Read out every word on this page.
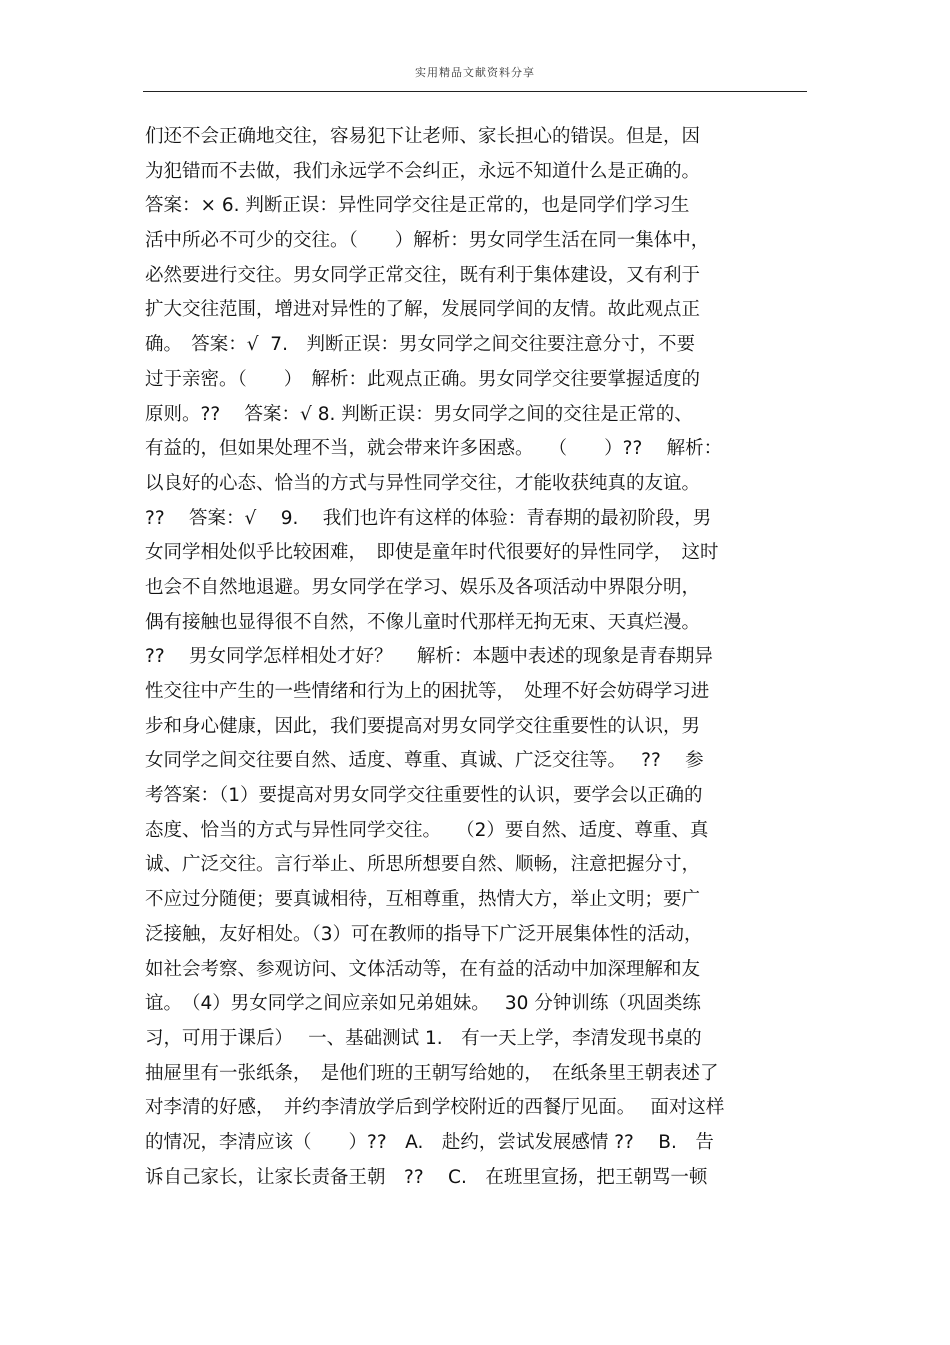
实用精品文献资料分享
们还不会正确地交往，容易犯下让老师、家长担心的错误。但是，因
为犯错而不去做，我们永远学不会纠正，永远不知道什么是正确的。
答案：× 6. 判断正误：异性同学交往是正常的，也是同学们学习生
活中所必不可少的交往。（　　）解析：男女同学生活在同一集体中，
必然要进行交往。男女同学正常交往，既有利于集体建设，又有利于
扩大交往范围，增进对异性的了解，发展同学间的友情。故此观点正
确。　答案：√  7.　判断正误：男女同学之间交往要注意分寸，不要
过于亲密。（　　）　解析：此观点正确。男女同学交往要掌握适度的
原则。??　 答案：√ 8. 判断正误：男女同学之间的交往是正常的、
有益的，但如果处理不当，就会带来许多困惑。　 （　　）??　 解析：
以良好的心态、恰当的方式与异性同学交往，才能收获纯真的友谊。
??　 答案：√　 9.　 我们也许有这样的体验：青春期的最初阶段，男
女同学相处似乎比较困难，　即使是童年时代很要好的异性同学，　这时
也会不自然地退避。男女同学在学习、娱乐及各项活动中界限分明，
偶有接触也显得很不自然，不像儿童时代那样无拘无束、天真烂漫。
??　 男女同学怎样相处才好？　 解析：本题中表述的现象是青春期异
性交往中产生的一些情绪和行为上的困扰等，　处理不好会妨碍学习进
步和身心健康，因此，我们要提高对男女同学交往重要性的认识，男
女同学之间交往要自然、适度、尊重、真诚、广泛交往等。　 ??　 参
考答案：（1）要提高对男女同学交往重要性的认识，要学会以正确的
态度、恰当的方式与异性同学交往。　 （2）要自然、适度、尊重、真
诚、广泛交往。言行举止、所思所想要自然、顺畅，注意把握分寸，
不应过分随便；要真诚相待，互相尊重，热情大方，举止文明；要广
泛接触，友好相处。（3）可在教师的指导下广泛开展集体性的活动，
如社会考察、参观访问、文体活动等，在有益的活动中加深理解和友
谊。　（4）男女同学之间应亲如兄弟姐妹。　 30 分钟训练（巩固类练
习，可用于课后）　 一、基础测试 1.　有一天上学，李清发现书桌的
抽屉里有一张纸条，　是他们班的王朝写给她的，　在纸条里王朝表述了
对李清的好感，　并约李清放学后到学校附近的西餐厅见面。　 面对这样
的情况，李清应该（　　）??　A.　赴约，尝试发展感情 ??　 B.　告
诉自己家长，让家长责备王朝　?? 　C.　在班里宣扬，把王朝骂一顿
